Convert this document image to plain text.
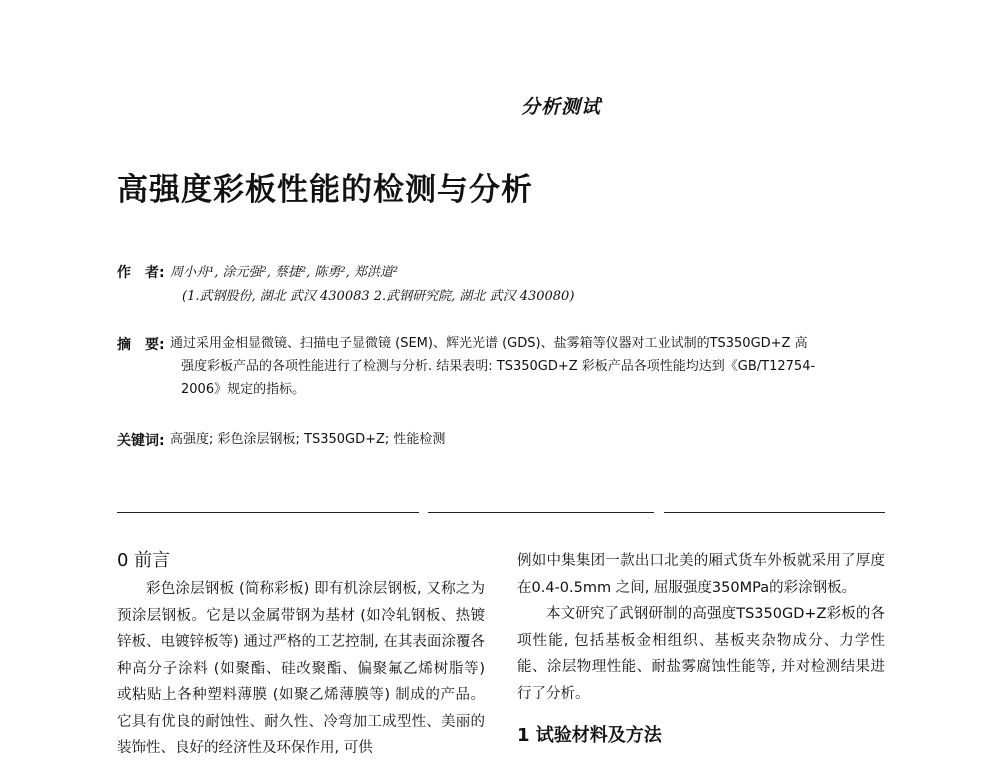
分析测试
高强度彩板性能的检测与分析
作　者: 周小舟¹, 涂元强², 蔡捷², 陈勇², 郑洪道²
(1.武钢股份, 湖北 武汉 430083 2.武钢研究院, 湖北 武汉 430080)
摘　要: 通过采用金相显微镜、扫描电子显微镜 (SEM)、辉光光谱 (GDS)、盐雾箱等仪器对工业试制的TS350GD+Z 高
强度彩板产品的各项性能进行了检测与分析. 结果表明: TS350GD+Z 彩板产品各项性能均达到《GB/T12754-
2006》规定的指标。
关键词: 高强度; 彩色涂层钢板; TS350GD+Z; 性能检测
0 前言

彩色涂层钢板 (简称彩板) 即有机涂层钢板, 又称之为预涂层钢板。它是以金属带钢为基材 (如冷轧钢板、热镀锌板、电镀锌板等) 通过严格的工艺控制, 在其表面涂覆各种高分子涂料 (如聚酯、硅改聚酯、偏聚氟乙烯树脂等) 或粘贴上各种塑料薄膜 (如聚乙烯薄膜等) 制成的产品。它具有优良的耐蚀性、耐久性、冷弯加工成型性、美丽的装饰性、良好的经济性及环保作用, 可供

例如中集集团一款出口北美的厢式货车外板就采用了厚度在0.4-0.5mm 之间, 屈服强度350MPa的彩涂钢板。

本文研究了武钢研制的高强度TS350GD+Z彩板的各项性能, 包括基板金相组织、基板夹杂物成分、力学性能、涂层物理性能、耐盐雾腐蚀性能等, 并对检测结果进行了分析。

1 试验材料及方法
